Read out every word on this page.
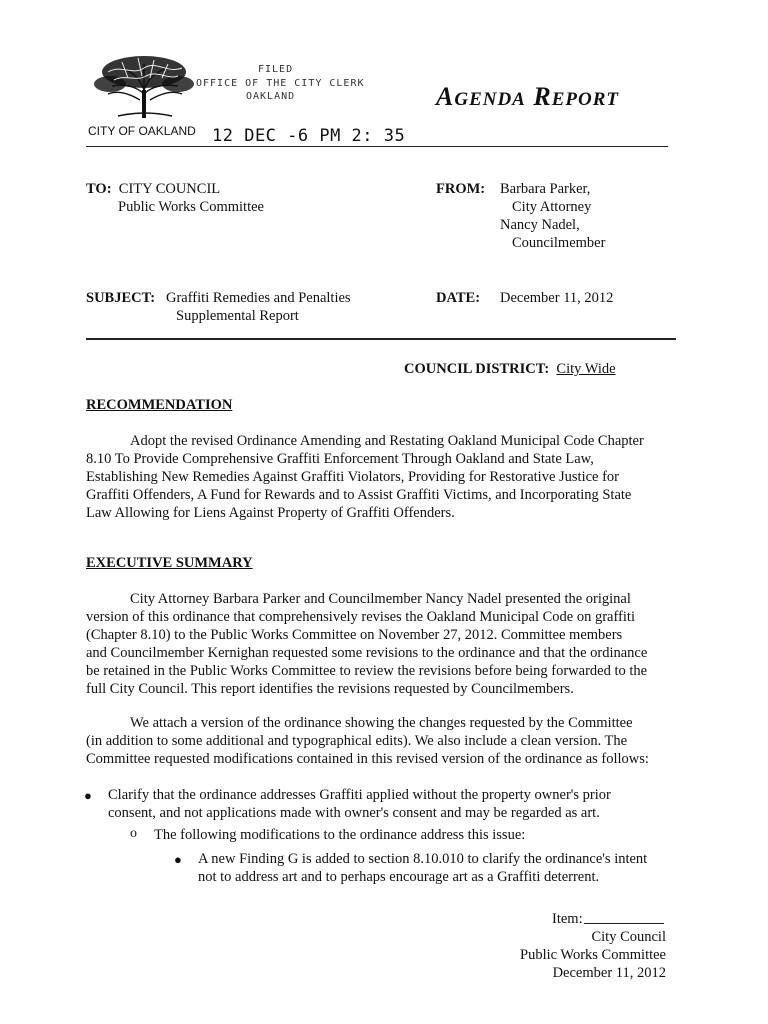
FILED
OFFICE OF THE CITY CLERK
OAKLAND
CITY OF OAKLAND 12 DEC -6 PM 2: 35
AGENDA REPORT
TO: CITY COUNCIL
Public Works Committee
FROM: Barbara Parker,
City Attorney
Nancy Nadel,
Councilmember
SUBJECT: Graffiti Remedies and Penalties
Supplemental Report
DATE: December 11, 2012
COUNCIL DISTRICT: City Wide
RECOMMENDATION
Adopt the revised Ordinance Amending and Restating Oakland Municipal Code Chapter
8.10 To Provide Comprehensive Graffiti Enforcement Through Oakland and State Law,
Establishing New Remedies Against Graffiti Violators, Providing for Restorative Justice for
Graffiti Offenders, A Fund for Rewards and to Assist Graffiti Victims, and Incorporating State
Law Allowing for Liens Against Property of Graffiti Offenders.
EXECUTIVE SUMMARY
City Attorney Barbara Parker and Councilmember Nancy Nadel presented the original
version of this ordinance that comprehensively revises the Oakland Municipal Code on graffiti
(Chapter 8.10) to the Public Works Committee on November 27, 2012. Committee members
and Councilmember Kernighan requested some revisions to the ordinance and that the ordinance
be retained in the Public Works Committee to review the revisions before being forwarded to the
full City Council. This report identifies the revisions requested by Councilmembers.
We attach a version of the ordinance showing the changes requested by the Committee
(in addition to some additional and typographical edits). We also include a clean version. The
Committee requested modifications contained in this revised version of the ordinance as follows:
● Clarify that the ordinance addresses Graffiti applied without the property owner's prior
consent, and not applications made with owner's consent and may be regarded as art.
o The following modifications to the ordinance address this issue:
● A new Finding G is added to section 8.10.010 to clarify the ordinance's intent
not to address art and to perhaps encourage art as a Graffiti deterrent.
Item:
City Council
Public Works Committee
December 11, 2012
